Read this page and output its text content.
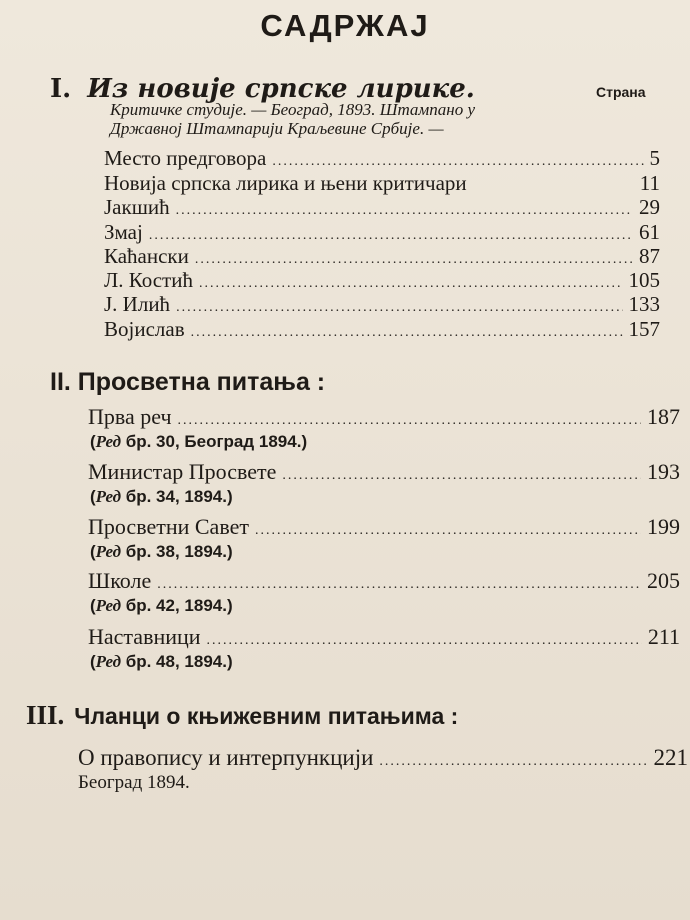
САДРЖАЈ
I. Из новије српске лирике.	Страна
Критичке студије. — Београд, 1893. Штампано у
Државној Штампарији Краљевине Србије. —
Место предговора .....	5
Новија српска лирика и њени критичари	11
Јакшић .....	29
Змај .....	61
Каћански .....	87
Л. Костић .....	105
Ј. Илић .....	133
Војислав .....	157
II. Просветна питања :
Прва реч .....	187
(Ред бр. 30, Београд 1894.)
Министар Просвете .....	193
(Ред бр. 34, 1894.)
Просветни Савет .....	199
(Ред бр. 38, 1894.)
Школе .....	205
(Ред бр. 42, 1894.)
Наставници .....	211
(Ред бр. 48, 1894.)
III. Чланци о књижевним питањима :
О правопису и интерпункцији .....	221
Београд 1894.
